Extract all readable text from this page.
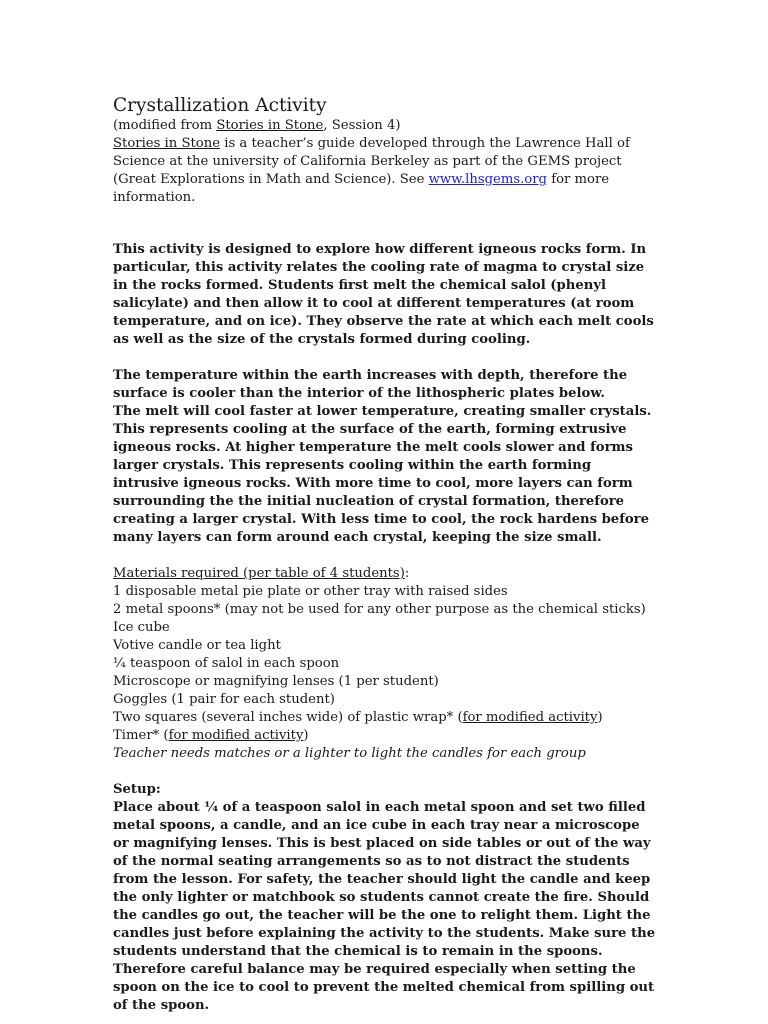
Crystallization Activity

(modified from Stories in Stone, Session 4)

Stories in Stone is a teacher’s guide developed through the Lawrence Hall of Science at the university of California Berkeley as part of the GEMS project (Great Explorations in Math and Science). See www.lhsgems.org for more information.

This activity is designed to explore how different igneous rocks form. In particular, this activity relates the cooling rate of magma to crystal size in the rocks formed. Students first melt the chemical salol (phenyl salicylate) and then allow it to cool at different temperatures (at room temperature, and on ice). They observe the rate at which each melt cools as well as the size of the crystals formed during cooling.

The temperature within the earth increases with depth, therefore the surface is cooler than the interior of the lithospheric plates below.

The melt will cool faster at lower temperature, creating smaller crystals. This represents cooling at the surface of the earth, forming extrusive igneous rocks. At higher temperature the melt cools slower and forms larger crystals. This represents cooling within the earth forming intrusive igneous rocks. With more time to cool, more layers can form surrounding the the initial nucleation of crystal formation, therefore creating a larger crystal. With less time to cool, the rock hardens before many layers can form around each crystal, keeping the size small.

Materials required (per table of 4 students):
1 disposable metal pie plate or other tray with raised sides
2 metal spoons* (may not be used for any other purpose as the chemical sticks)
Ice cube
Votive candle or tea light
¼ teaspoon of salol in each spoon
Microscope or magnifying lenses (1 per student)
Goggles (1 pair for each student)
Two squares (several inches wide) of plastic wrap* (for modified activity)
Timer* (for modified activity)
Teacher needs matches or a lighter to light the candles for each group
Setup:

Place about ¼ of a teaspoon salol in each metal spoon and set two filled metal spoons, a candle, and an ice cube in each tray near a microscope or magnifying lenses. This is best placed on side tables or out of the way of the normal seating arrangements so as to not distract the students from the lesson. For safety, the teacher should light the candle and keep the only lighter or matchbook so students cannot create the fire. Should the candles go out, the teacher will be the one to relight them. Light the candles just before explaining the activity to the students. Make sure the students understand that the chemical is to remain in the spoons. Therefore careful balance may be required especially when setting the spoon on the ice to cool to prevent the melted chemical from spilling out of the spoon.
